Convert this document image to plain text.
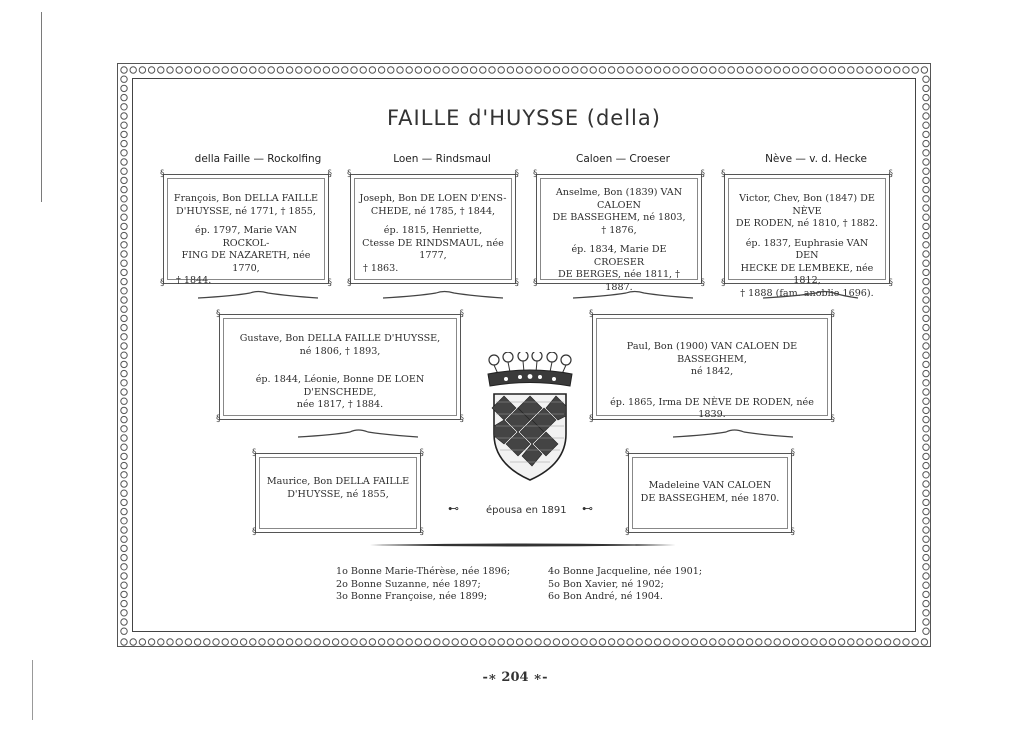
FAILLE d'HUYSSE (della)
della Faille — Rockolfing	Loen — Rindsmaul	Caloen — Croeser	Nève — v. d. Hecke
§	§
§	§
François, Bon DELLA FAILLE
D'HUYSSE, né 1771, † 1855,
ép. 1797, Marie VAN ROCKOL-
FING DE NAZARETH, née 1770,
† 1844.
§	§
§	§
Joseph, Bon DE LOEN D'ENS-
CHEDE, né 1785, † 1844,
ép. 1815, Henriette,
Ctesse DE RINDSMAUL, née 1777,
† 1863.
§	§
§	§
Anselme, Bon (1839) VAN CALOEN
DE BASSEGHEM, né 1803,
† 1876,
ép. 1834, Marie DE CROESER
DE BERGES, née 1811, † 1887.
§	§
§	§
Victor, Chev, Bon (1847) DE NÈVE
DE RODEN, né 1810, † 1882.
ép. 1837, Euphrasie VAN DEN
HECKE DE LEMBEKE, née 1812,
† 1888 (fam. anoblie 1696).
§	§
§	§
Gustave, Bon DELLA FAILLE D'HUYSSE,
né 1806, † 1893,
ép. 1844, Léonie, Bonne DE LOEN D'ENSCHEDE,
née 1817, † 1884.
§	§
§	§
Paul, Bon (1900) VAN CALOEN DE BASSEGHEM,
né 1842,
ép. 1865, Irma DE NÈVE DE RODEN, née 1839.
§	§
§	§
Maurice, Bon DELLA FAILLE
D'HUYSSE, né 1855,
§	§
§	§
Madeleine VAN CALOEN
DE BASSEGHEM, née 1870.
⊷	épousa en 1891 ⊷
1o Bonne Marie-Thérèse, née 1896;
2o Bonne Suzanne, née 1897;
3o Bonne Françoise, née 1899;
4o Bonne Jacqueline, née 1901;
5o Bon Xavier, né 1902;
6o Bon André, né 1904.
-∗ 204 ∗-
